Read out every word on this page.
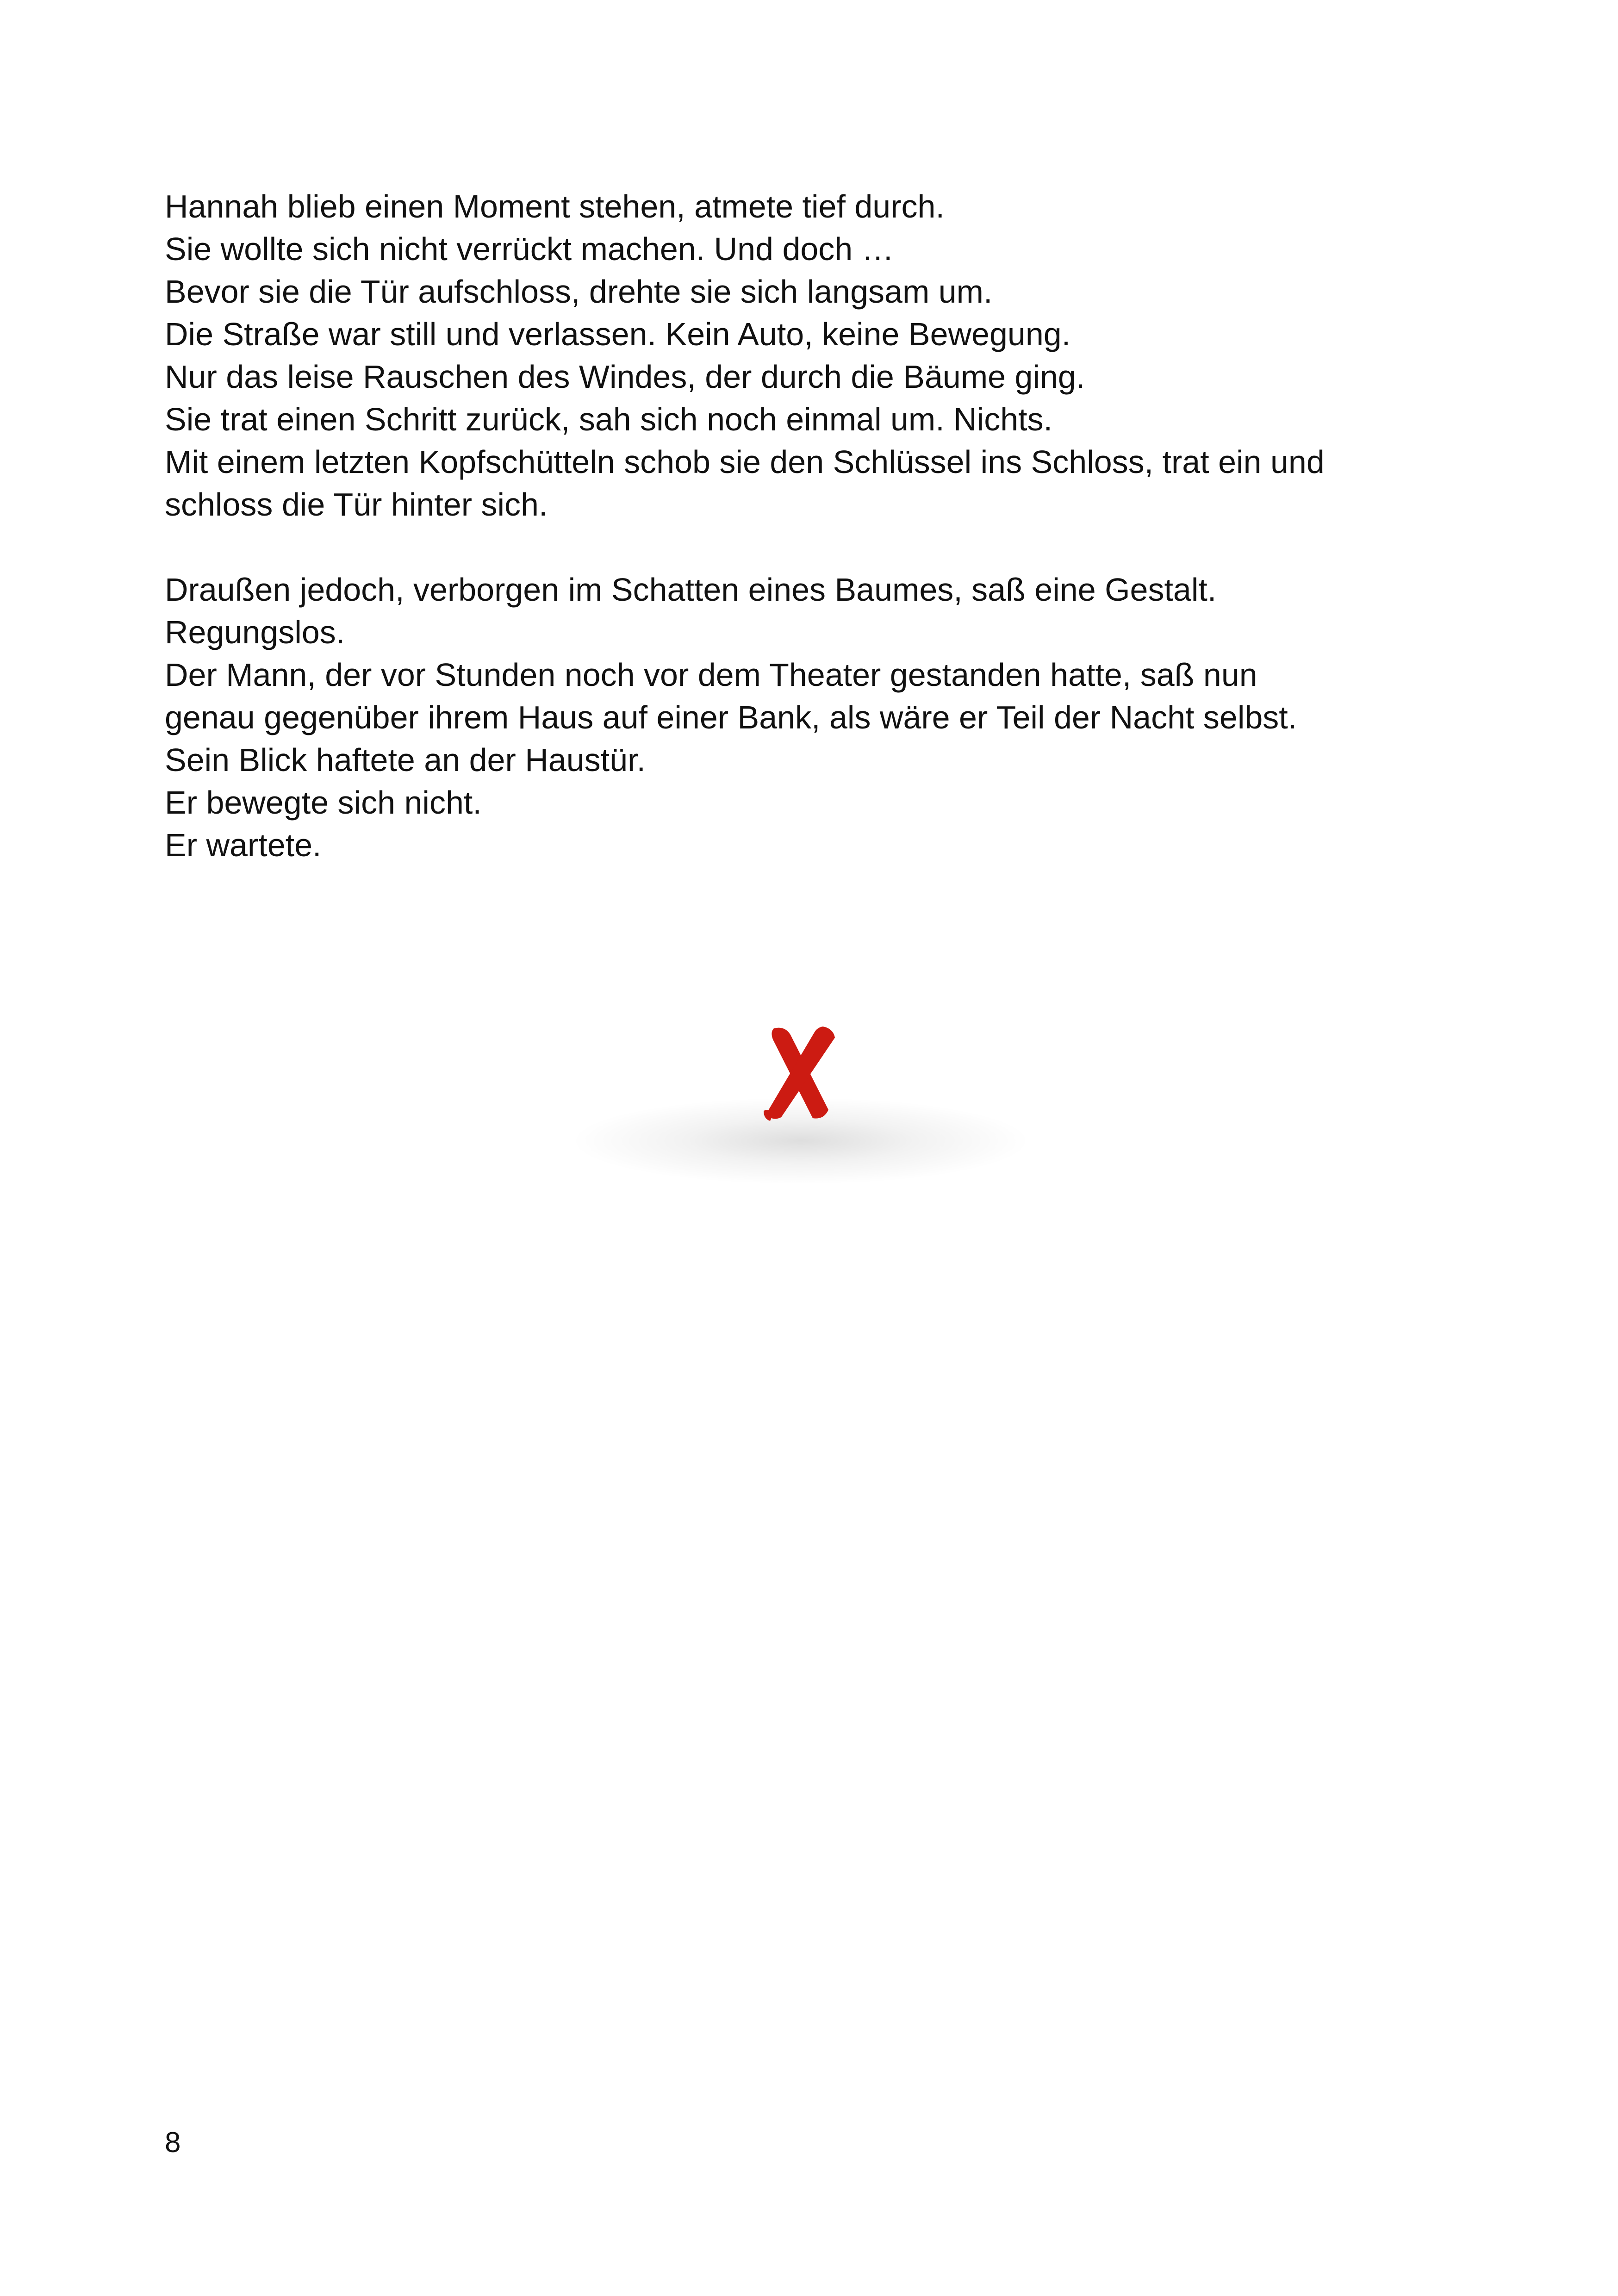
Hannah blieb einen Moment stehen, atmete tief durch.
Sie wollte sich nicht verrückt machen. Und doch …
Bevor sie die Tür aufschloss, drehte sie sich langsam um.
Die Straße war still und verlassen. Kein Auto, keine Bewegung.
Nur das leise Rauschen des Windes, der durch die Bäume ging.
Sie trat einen Schritt zurück, sah sich noch einmal um. Nichts.
Mit einem letzten Kopfschütteln schob sie den Schlüssel ins Schloss, trat ein und
schloss die Tür hinter sich.
Draußen jedoch, verborgen im Schatten eines Baumes, saß eine Gestalt.
Regungslos.
Der Mann, der vor Stunden noch vor dem Theater gestanden hatte, saß nun
genau gegenüber ihrem Haus auf einer Bank, als wäre er Teil der Nacht selbst.
Sein Blick haftete an der Haustür.
Er bewegte sich nicht.
Er wartete.
8
